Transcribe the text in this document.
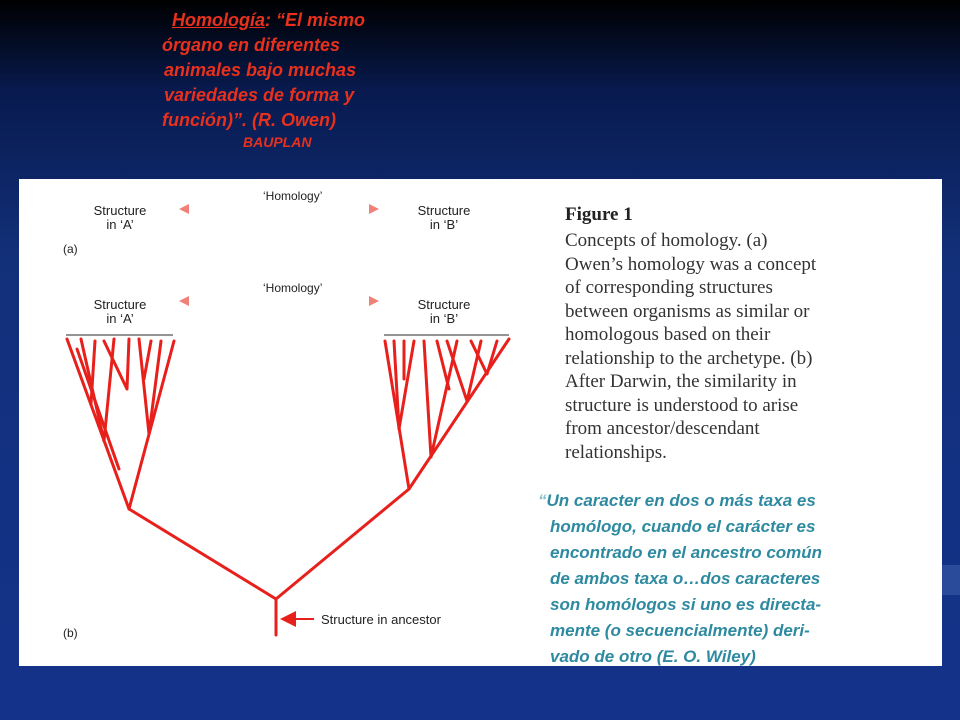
Homología: “El mismo
órgano en diferentes
animales bajo muchas
variedades de forma y
función)”. (R. Owen)
BAUPLAN
‘Homology’
Structure
in ‘A’
Structure
in ‘B’
(a)
‘Homology’
Structure
in ‘A’
Structure
in ‘B’
Structure in ancestor
(b)
Figure 1
Concepts of homology. (a)
Owen’s homology was a concept
of corresponding structures
between organisms as similar or
homologous based on their
relationship to the archetype. (b)
After Darwin, the similarity in
structure is understood to arise
from ancestor/descendant
relationships.
“Un caracter en dos o más taxa es
homólogo, cuando el carácter es
encontrado en el ancestro común
de ambos taxa o…dos caracteres
son homólogos si uno es directa-
mente (o secuencialmente) deri-
vado de otro (E. O. Wiley)
